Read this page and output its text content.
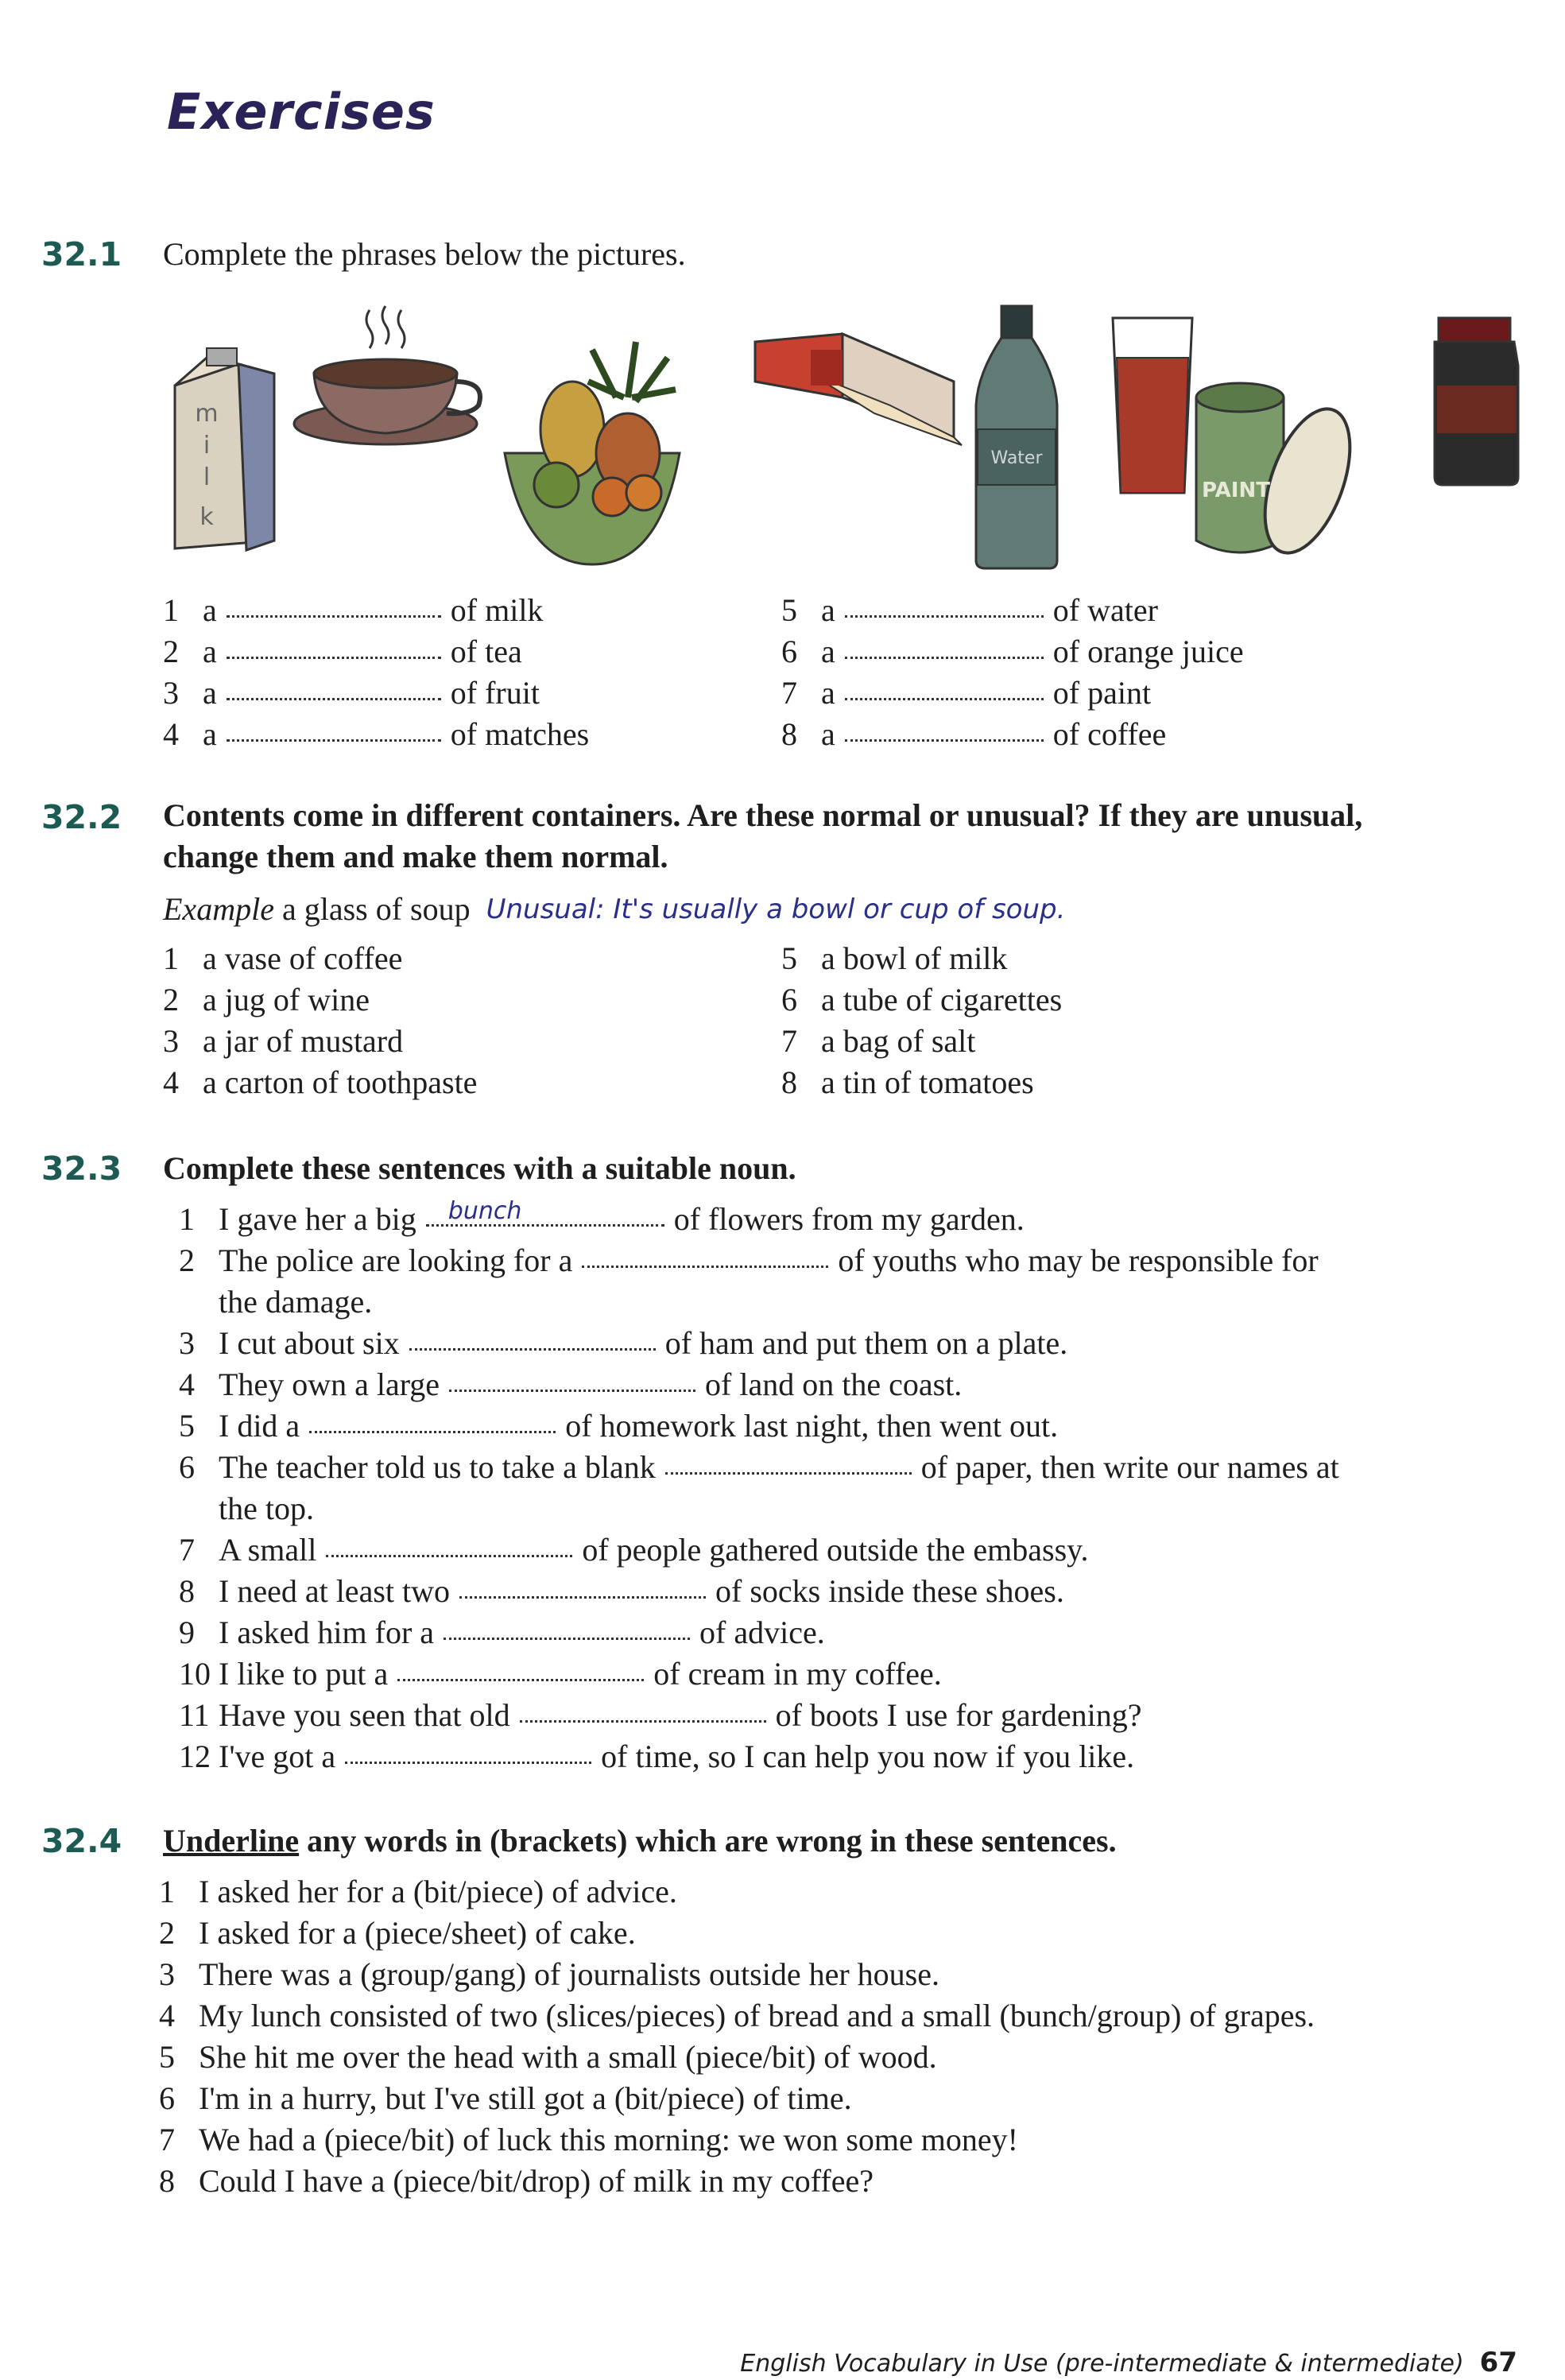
Exercises
32.1 Complete the phrases below the pictures.
m
i
l
k
Water
PAINT
1 a	of milk
2 a	of tea
3 a	of fruit
4 a	of matches
5 a	of water
6 a	of orange juice
7 a	of paint
8 a	of coffee
32.2 Contents come in different containers. Are these normal or unusual? If they are unusual,
change them and make them normal.
Example
a glass of soup
Unusual: It's usually a bowl or cup of soup.
1 a vase of coffee
2 a jug of wine
3 a jar of mustard
4 a carton of toothpaste
5 a bowl of milk
6 a tube of cigarettes
7 a bag of salt
8 a tin of tomatoes
32.3 Complete these sentences with a suitable noun.
1 I gave her a big bunch	of flowers from my garden.
2 The police are looking for a	of youths who may be responsible for
the damage.
3 I cut about six	of ham and put them on a plate.
4 They own a large	of land on the coast.
5 I did a	of homework last night, then went out.
6 The teacher told us to take a blank	of paper, then write our names at
the top.
7 A small	of people gathered outside the embassy.
8 I need at least two	of socks inside these shoes.
9 I asked him for a	of advice.
10 I like to put a	of cream in my coffee.
11 Have you seen that old	of boots I use for gardening?
12 I've got a	of time, so I can help you now if you like.
32.4 Underline any words in (brackets) which are wrong in these sentences.
1 I asked her for a (bit/piece) of advice.
2 I asked for a (piece/sheet) of cake.
3 There was a (group/gang) of journalists outside her house.
4 My lunch consisted of two (slices/pieces) of bread and a small (bunch/group) of grapes.
5 She hit me over the head with a small (piece/bit) of wood.
6 I'm in a hurry, but I've still got a (bit/piece) of time.
7 We had a (piece/bit) of luck this morning: we won some money!
8 Could I have a (piece/bit/drop) of milk in my coffee?
English Vocabulary in Use (pre-intermediate & intermediate) 67
